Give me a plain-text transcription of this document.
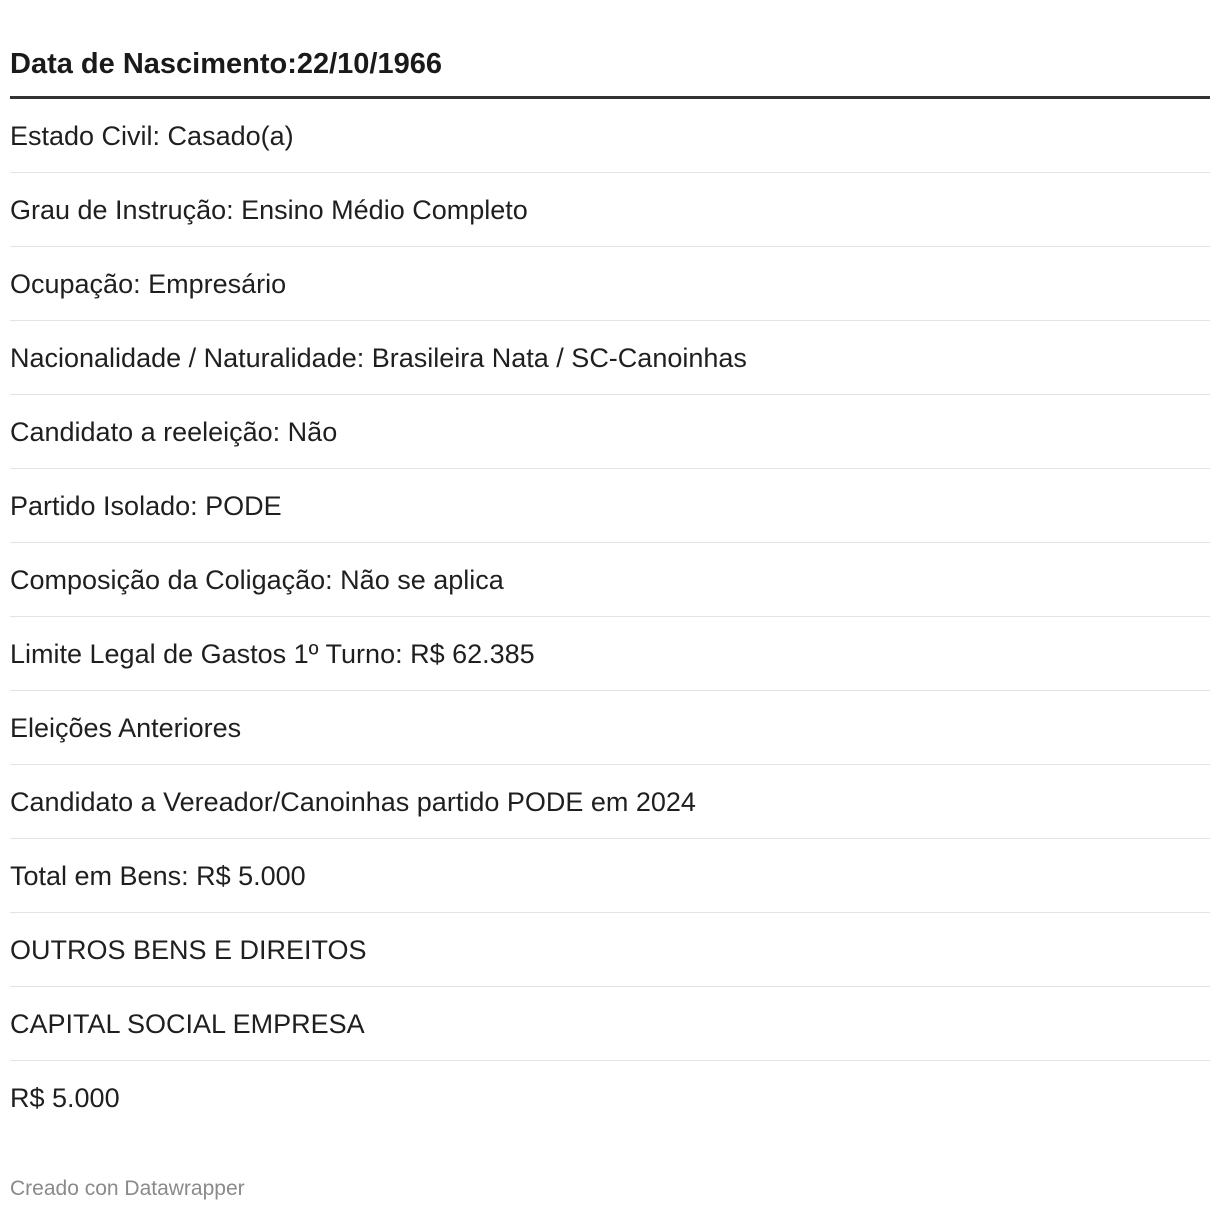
Data de Nascimento:22/10/1966
Estado Civil: Casado(a)
Grau de Instrução: Ensino Médio Completo
Ocupação: Empresário
Nacionalidade / Naturalidade: Brasileira Nata / SC-Canoinhas
Candidato a reeleição: Não
Partido Isolado: PODE
Composição da Coligação: Não se aplica
Limite Legal de Gastos 1º Turno: R$ 62.385
Eleições Anteriores
Candidato a Vereador/Canoinhas partido PODE em 2024
Total em Bens: R$ 5.000
OUTROS BENS E DIREITOS
CAPITAL SOCIAL EMPRESA
R$ 5.000
Creado con Datawrapper
